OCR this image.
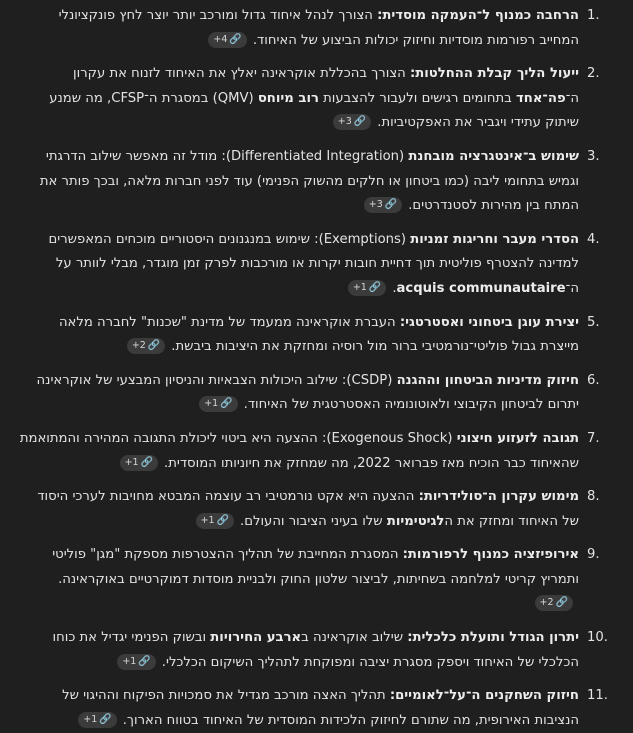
1.
הרחבה כמנוף ל־העמקה מוסדית: הצורך לנהל איחוד גדול ומורכב יותר יוצר לחץ פונקציונלי המחייב רפורמות מוסדיות וחיזוק יכולות הביצוע של האיחוד.
+4 🔗
2.
ייעול הליך קבלת ההחלטות: הצורך בהכללת אוקראינה יאלץ את האיחוד לזנוח את עקרון ה־פה־אחד בתחומים רגישים ולעבור להצבעות רוב מיוחס (QMV) במסגרת ה־CFSP, מה שמנע שיתוק עתידי ויגביר את האפקטיביות.
+3 🔗
3.
שימוש ב־אינטגרציה מובחנת (Differentiated Integration): מודל זה מאפשר שילוב הדרגתי וגמיש בתחומי ליבה (כמו ביטחון או חלקים מהשוק הפנימי) עוד לפני חברות מלאה, ובכך פותר את המתח בין מהירות לסטנדרטים.
+3 🔗
4.
הסדרי מעבר וחריגות זמניות (Exemptions): שימוש במנגנונים היסטוריים מוכחים המאפשרים למדינה להצטרף פוליטית תוך דחיית חובות יקרות או מורכבות לפרק זמן מוגדר, מבלי לוותר על ה־acquis communautaire.
+1 🔗
5.
יצירת עוגן ביטחוני ואסטרטגי: העברת אוקראינה ממעמד של מדינת "שכנות" לחברה מלאה מייצרת גבול פוליטי־נורמטיבי ברור מול רוסיה ומחזקת את היציבות ביבשת.
+2 🔗
6.
חיזוק מדיניות הביטחון וההגנה (CSDP): שילוב היכולות הצבאיות והניסיון המבצעי של אוקראינה יתרום לביטחון הקיבוצי ולאוטונומיה האסטרטגית של האיחוד.
+1 🔗
7.
תגובה לזעזוע חיצוני (Exogenous Shock): ההצעה היא ביטוי ליכולת התגובה המהירה והמתואמת שהאיחוד כבר הוכיח מאז פברואר 2022, מה שמחזק את חיוניותו המוסדית.
+1 🔗
8.
מימוש עקרון ה־סולידריות: ההצעה היא אקט נורמטיבי רב עוצמה המבטא מחויבות לערכי היסוד של האיחוד ומחזק את הלגיטימיות שלו בעיני הציבור והעולם.
+1 🔗
9.
אירופיזציה כמנוף לרפורמות: המסגרת המחייבת של תהליך ההצטרפות מספקת "מגן" פוליטי ותמריץ קריטי למלחמה בשחיתות, לביצור שלטון החוק ולבניית מוסדות דמוקרטיים באוקראינה.
+2 🔗
10.
יתרון הגודל ותועלת כלכלית: שילוב אוקראינה בארבע החירויות ובשוק הפנימי יגדיל את כוחו הכלכלי של האיחוד ויספק מסגרת יציבה ומפוקחת לתהליך השיקום הכלכלי.
+1 🔗
11.
חיזוק השחקנים ה־על־לאומיים: תהליך האצה מורכב מגדיל את סמכויות הפיקוח וההיגוי של הנציבות האירופית, מה שתורם לחיזוק הלכידות המוסדית של האיחוד בטווח הארוך.
+1 🔗
